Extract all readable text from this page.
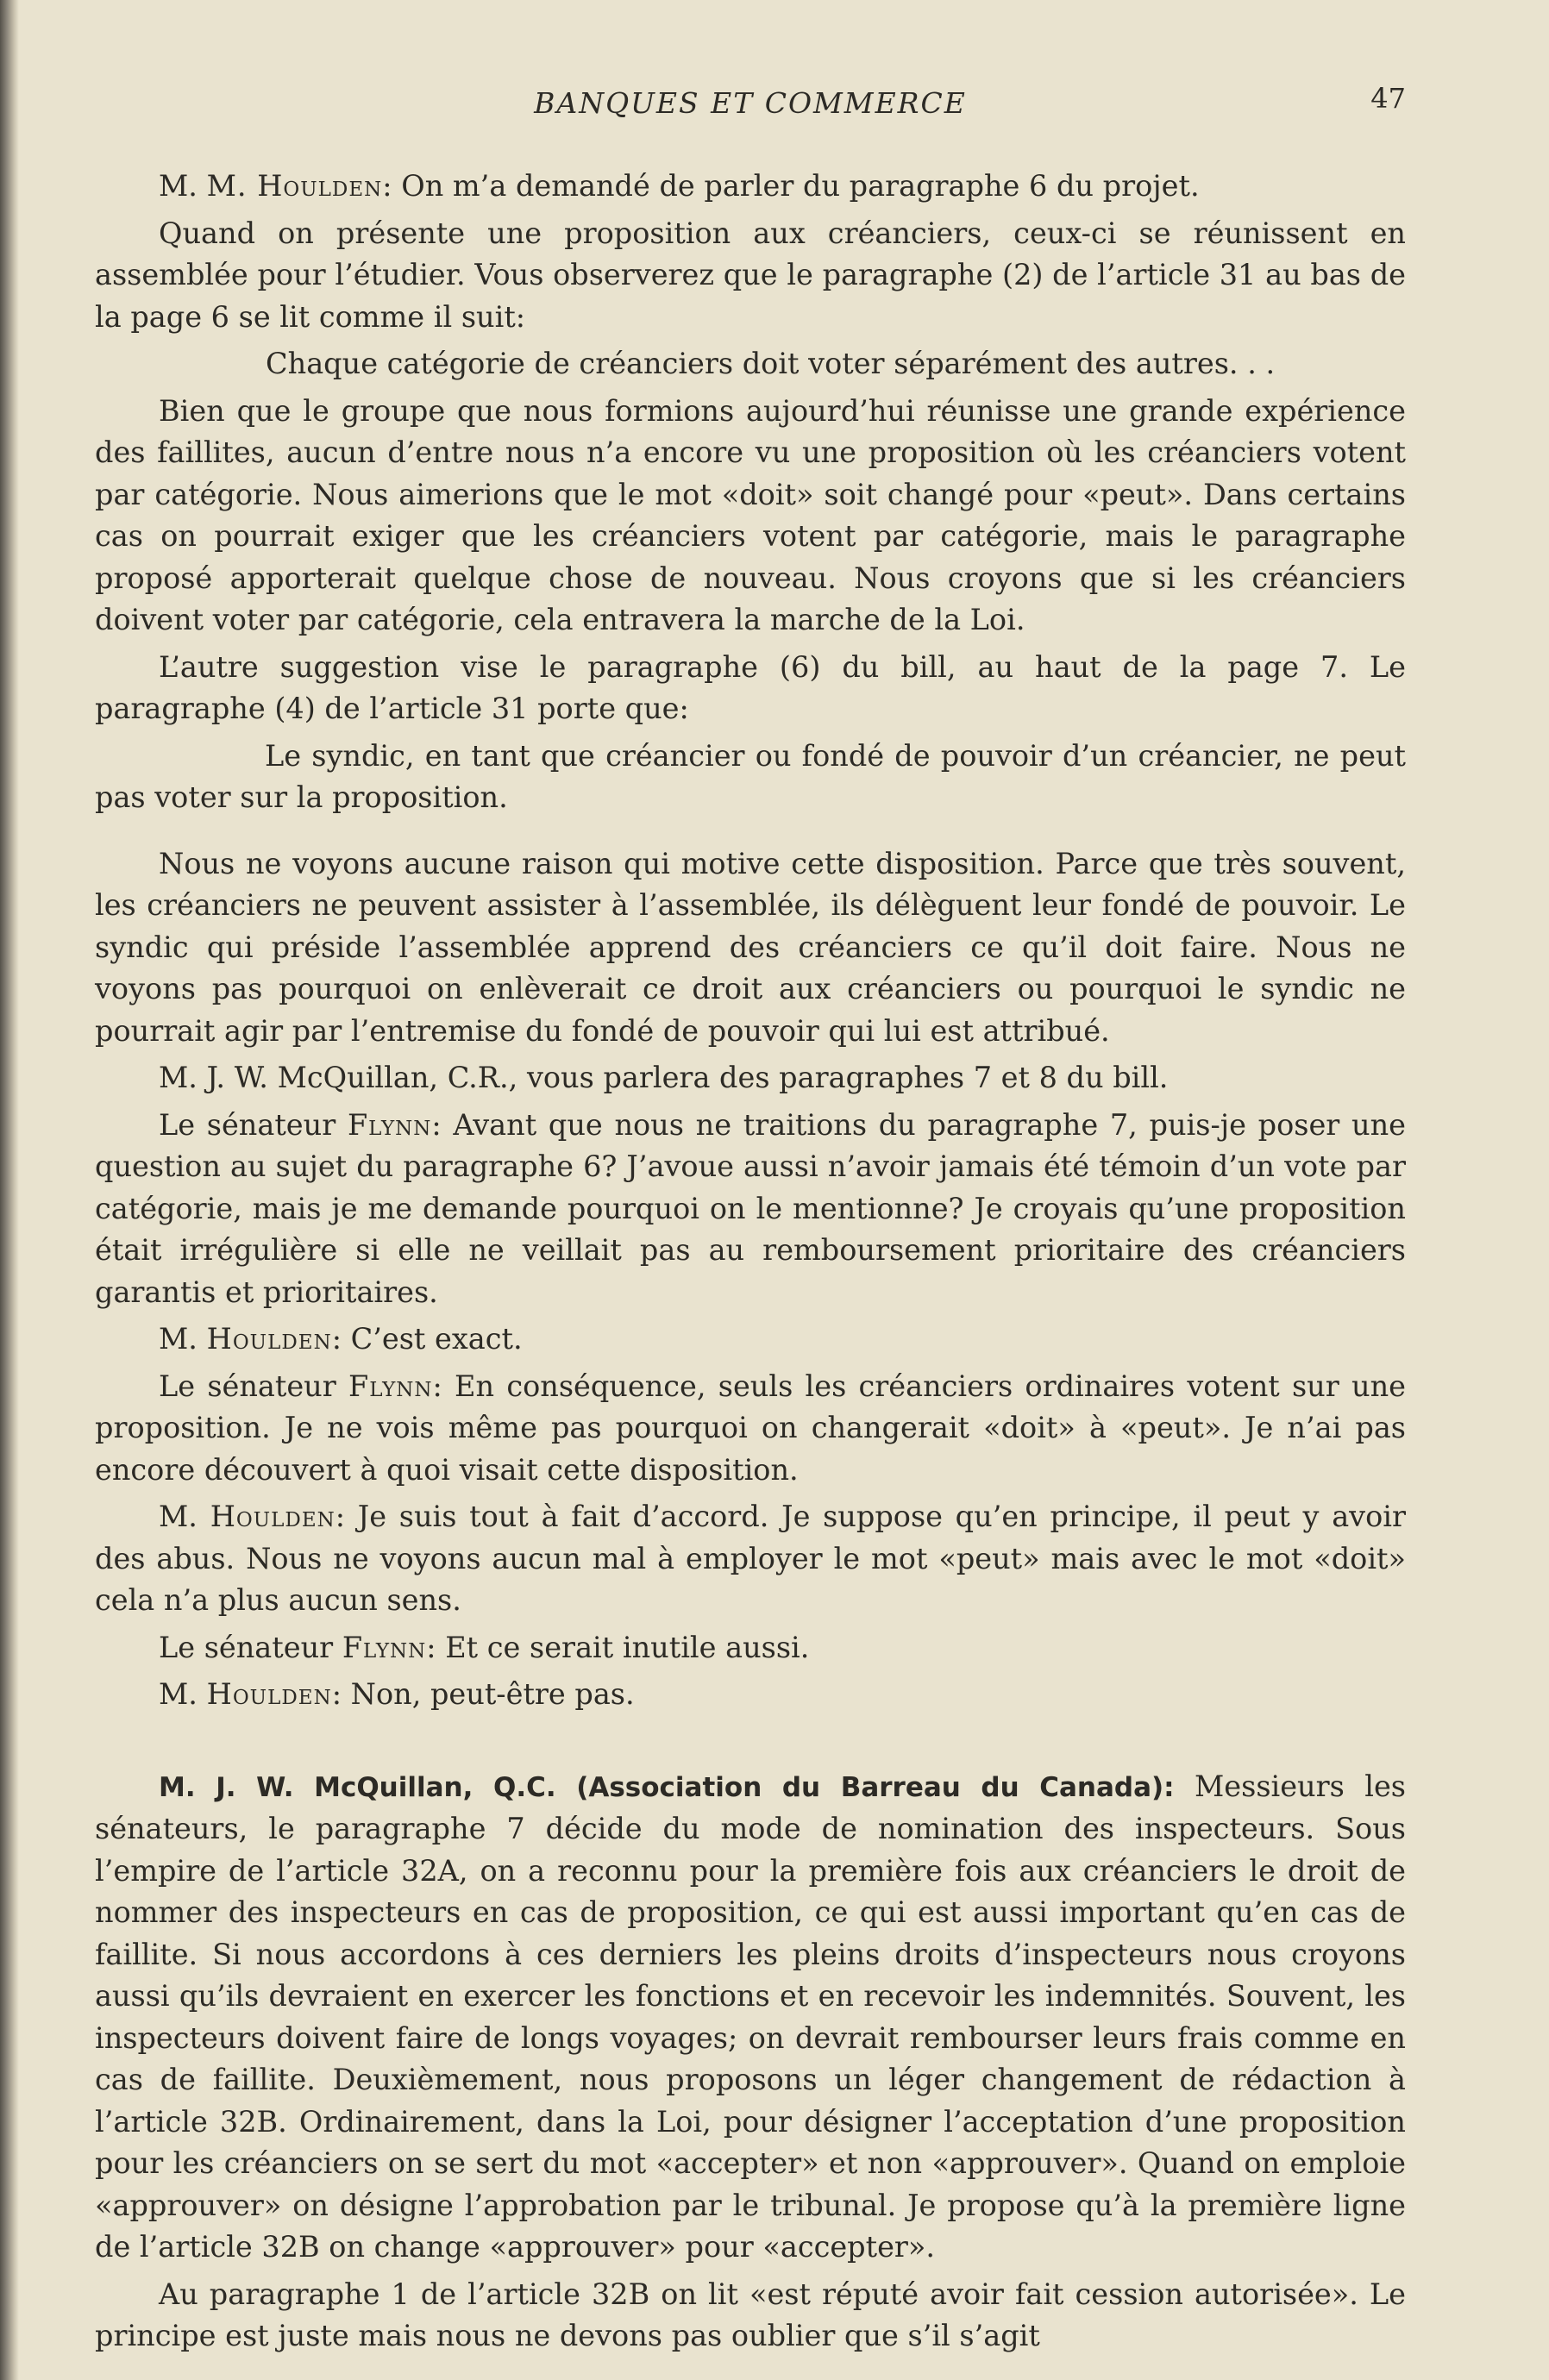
BANQUES ET COMMERCE	47

M. M. Houlden: On m’a demandé de parler du paragraphe 6 du projet.

Quand on présente une proposition aux créanciers, ceux-ci se réunissent en assemblée pour l’étudier. Vous observerez que le paragraphe (2) de l’article 31 au bas de la page 6 se lit comme il suit:

Chaque catégorie de créanciers doit voter séparément des autres. . .

Bien que le groupe que nous formions aujourd’hui réunisse une grande expérience des faillites, aucun d’entre nous n’a encore vu une proposition où les créanciers votent par catégorie. Nous aimerions que le mot «doit» soit changé pour «peut». Dans certains cas on pourrait exiger que les créanciers votent par catégorie, mais le paragraphe proposé apporterait quelque chose de nouveau. Nous croyons que si les créanciers doivent voter par catégorie, cela entravera la marche de la Loi.

L’autre suggestion vise le paragraphe (6) du bill, au haut de la page 7. Le paragraphe (4) de l’article 31 porte que:

Le syndic, en tant que créancier ou fondé de pouvoir d’un créancier, ne peut pas voter sur la proposition.

Nous ne voyons aucune raison qui motive cette disposition. Parce que très souvent, les créanciers ne peuvent assister à l’assemblée, ils délèguent leur fondé de pouvoir. Le syndic qui préside l’assemblée apprend des créanciers ce qu’il doit faire. Nous ne voyons pas pourquoi on enlèverait ce droit aux créanciers ou pourquoi le syndic ne pourrait agir par l’entremise du fondé de pouvoir qui lui est attribué.

M. J. W. McQuillan, C.R., vous parlera des paragraphes 7 et 8 du bill.

Le sénateur Flynn: Avant que nous ne traitions du paragraphe 7, puis-je poser une question au sujet du paragraphe 6? J’avoue aussi n’avoir jamais été témoin d’un vote par catégorie, mais je me demande pourquoi on le mentionne? Je croyais qu’une proposition était irrégulière si elle ne veillait pas au remboursement prioritaire des créanciers garantis et prioritaires.

M. Houlden: C’est exact.

Le sénateur Flynn: En conséquence, seuls les créanciers ordinaires votent sur une proposition. Je ne vois même pas pourquoi on changerait «doit» à «peut». Je n’ai pas encore découvert à quoi visait cette disposition.

M. Houlden: Je suis tout à fait d’accord. Je suppose qu’en principe, il peut y avoir des abus. Nous ne voyons aucun mal à employer le mot «peut» mais avec le mot «doit» cela n’a plus aucun sens.

Le sénateur Flynn: Et ce serait inutile aussi.

M. Houlden: Non, peut-être pas.

M. J. W. McQuillan, Q.C. (Association du Barreau du Canada): Messieurs les sénateurs, le paragraphe 7 décide du mode de nomination des inspecteurs. Sous l’empire de l’article 32A, on a reconnu pour la première fois aux créanciers le droit de nommer des inspecteurs en cas de proposition, ce qui est aussi important qu’en cas de faillite. Si nous accordons à ces derniers les pleins droits d’inspecteurs nous croyons aussi qu’ils devraient en exercer les fonctions et en recevoir les indemnités. Souvent, les inspecteurs doivent faire de longs voyages; on devrait rembourser leurs frais comme en cas de faillite. Deuxièmement, nous proposons un léger changement de rédaction à l’article 32B. Ordinairement, dans la Loi, pour désigner l’acceptation d’une proposition pour les créanciers on se sert du mot «accepter» et non «approuver». Quand on emploie «approuver» on désigne l’approbation par le tribunal. Je propose qu’à la première ligne de l’article 32B on change «approuver» pour «accepter».

Au paragraphe 1 de l’article 32B on lit «est réputé avoir fait cession autorisée». Le principe est juste mais nous ne devons pas oublier que s’il s’agit
